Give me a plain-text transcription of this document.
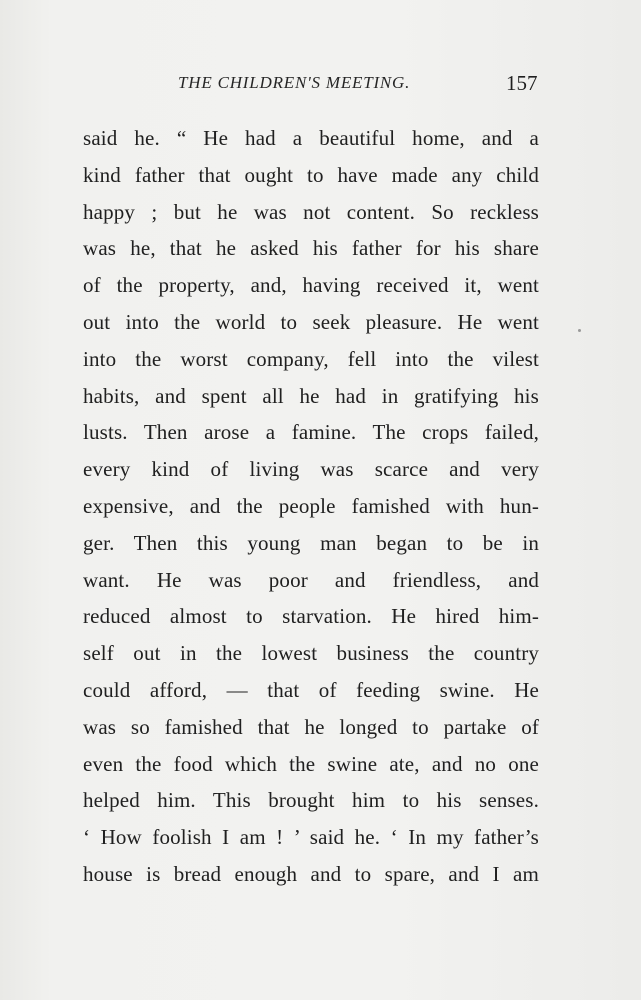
THE CHILDREN'S MEETING.	157
said he. “ He had a beautiful home, and a
kind father that ought to have made any child
happy ; but he was not content. So reckless
was he, that he asked his father for his share
of the property, and, having received it, went
out into the world to seek pleasure. He went
into the worst company, fell into the vilest
habits, and spent all he had in gratifying his
lusts. Then arose a famine. The crops failed,
every kind of living was scarce and very
expensive, and the people famished with hun-
ger. Then this young man began to be in
want. He was poor and friendless, and
reduced almost to starvation. He hired him-
self out in the lowest business the country
could afford, — that of feeding swine. He
was so famished that he longed to partake of
even the food which the swine ate, and no one
helped him. This brought him to his senses.
‘ How foolish I am ! ’ said he. ‘ In my father’s
house is bread enough and to spare, and I am
